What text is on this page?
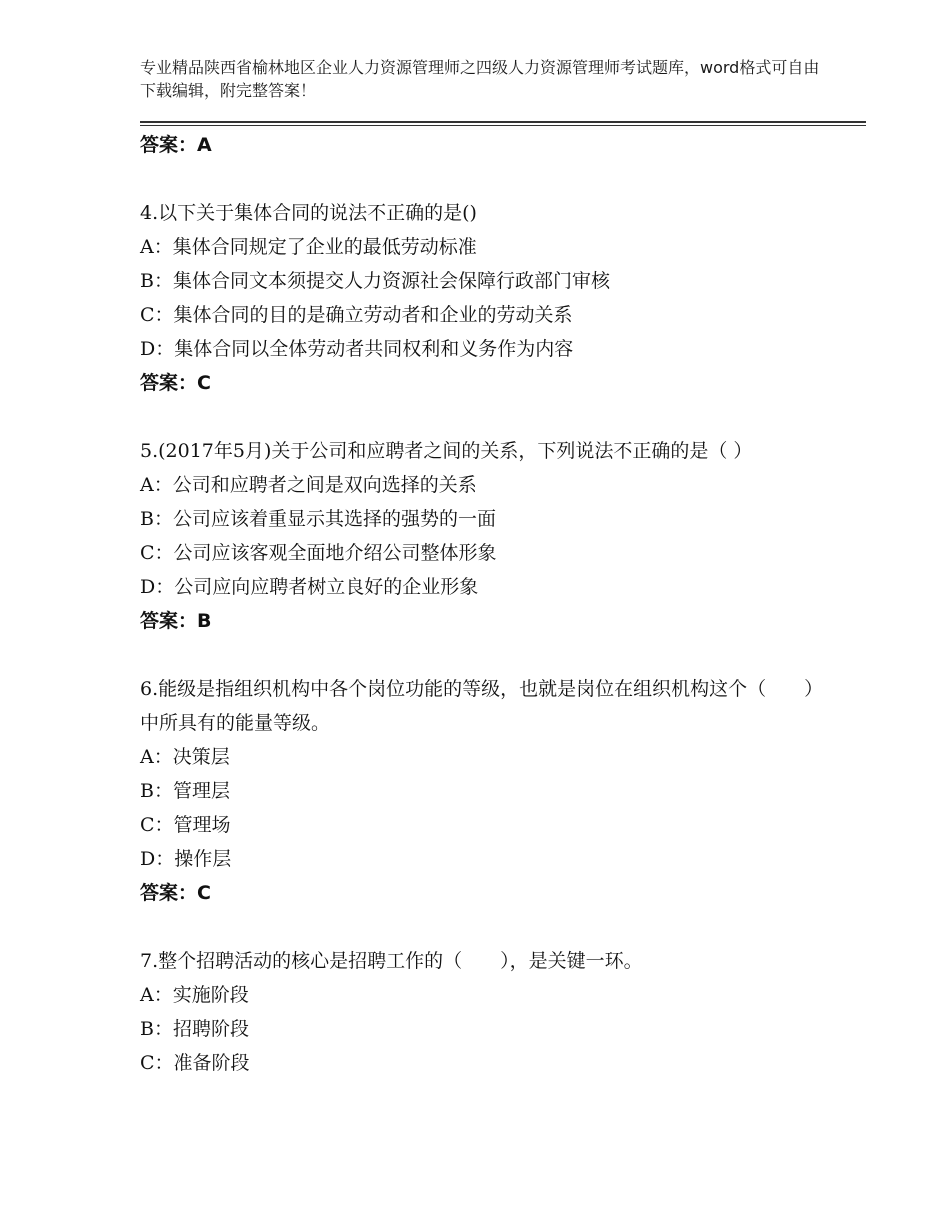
专业精品陕西省榆林地区企业人力资源管理师之四级人力资源管理师考试题库，word格式可自由下载编辑，附完整答案！

答案：A

4.以下关于集体合同的说法不正确的是()

A：集体合同规定了企业的最低劳动标准

B：集体合同文本须提交人力资源社会保障行政部门审核

C：集体合同的目的是确立劳动者和企业的劳动关系

D：集体合同以全体劳动者共同权利和义务作为内容

答案：C

5.(2017年5月)关于公司和应聘者之间的关系，下列说法不正确的是（ ）

A：公司和应聘者之间是双向选择的关系

B：公司应该着重显示其选择的强势的一面

C：公司应该客观全面地介绍公司整体形象

D：公司应向应聘者树立良好的企业形象

答案：B

6.能级是指组织机构中各个岗位功能的等级，也就是岗位在组织机构这个（　　）中所具有的能量等级。

A：决策层

B：管理层

C：管理场

D：操作层

答案：C

7.整个招聘活动的核心是招聘工作的（　　），是关键一环。

A：实施阶段

B：招聘阶段

C：准备阶段
